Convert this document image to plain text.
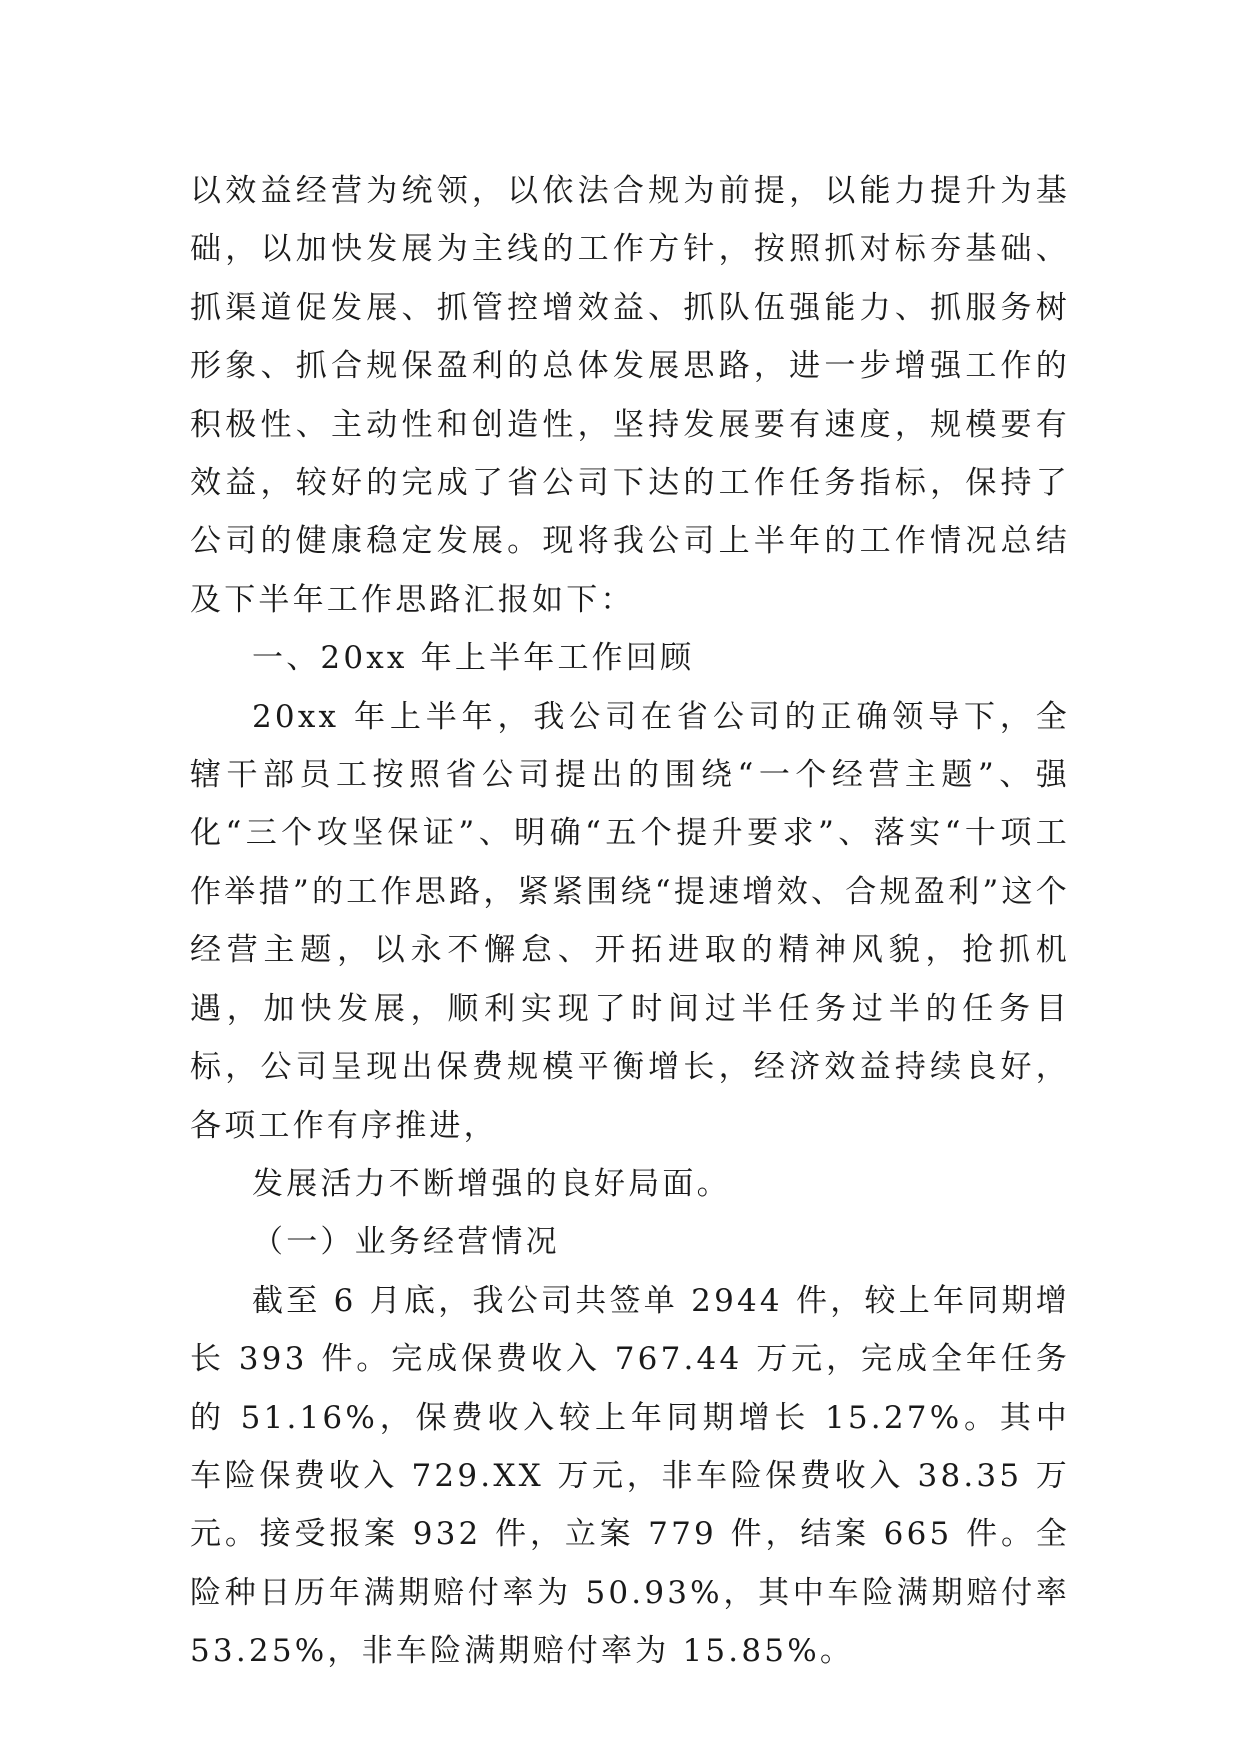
以效益经营为统领，以依法合规为前提，以能力提升为基础，以加快发展为主线的工作方针，按照抓对标夯基础、抓渠道促发展、抓管控增效益、抓队伍强能力、抓服务树形象、抓合规保盈利的总体发展思路，进一步增强工作的积极性、主动性和创造性，坚持发展要有速度，规模要有效益，较好的完成了省公司下达的工作任务指标，保持了公司的健康稳定发展。现将我公司上半年的工作情况总结及下半年工作思路汇报如下：

一、20xx 年上半年工作回顾

20xx 年上半年，我公司在省公司的正确领导下，全辖干部员工按照省公司提出的围绕“一个经营主题”、强化“三个攻坚保证”、明确“五个提升要求”、落实“十项工作举措”的工作思路，紧紧围绕“提速增效、合规盈利”这个经营主题，以永不懈怠、开拓进取的精神风貌，抢抓机遇，加快发展，顺利实现了时间过半任务过半的任务目标，公司呈现出保费规模平衡增长，经济效益持续良好，各项工作有序推进，

发展活力不断增强的良好局面。

（一）业务经营情况

截至 6 月底，我公司共签单 2944 件，较上年同期增长 393 件。完成保费收入 767.44 万元，完成全年任务的 51.16%，保费收入较上年同期增长 15.27%。其中车险保费收入 729.XX 万元，非车险保费收入 38.35 万元。接受报案 932 件，立案 779 件，结案 665 件。全险种日历年满期赔付率为 50.93%，其中车险满期赔付率 53.25%，非车险满期赔付率为 15.85%。
